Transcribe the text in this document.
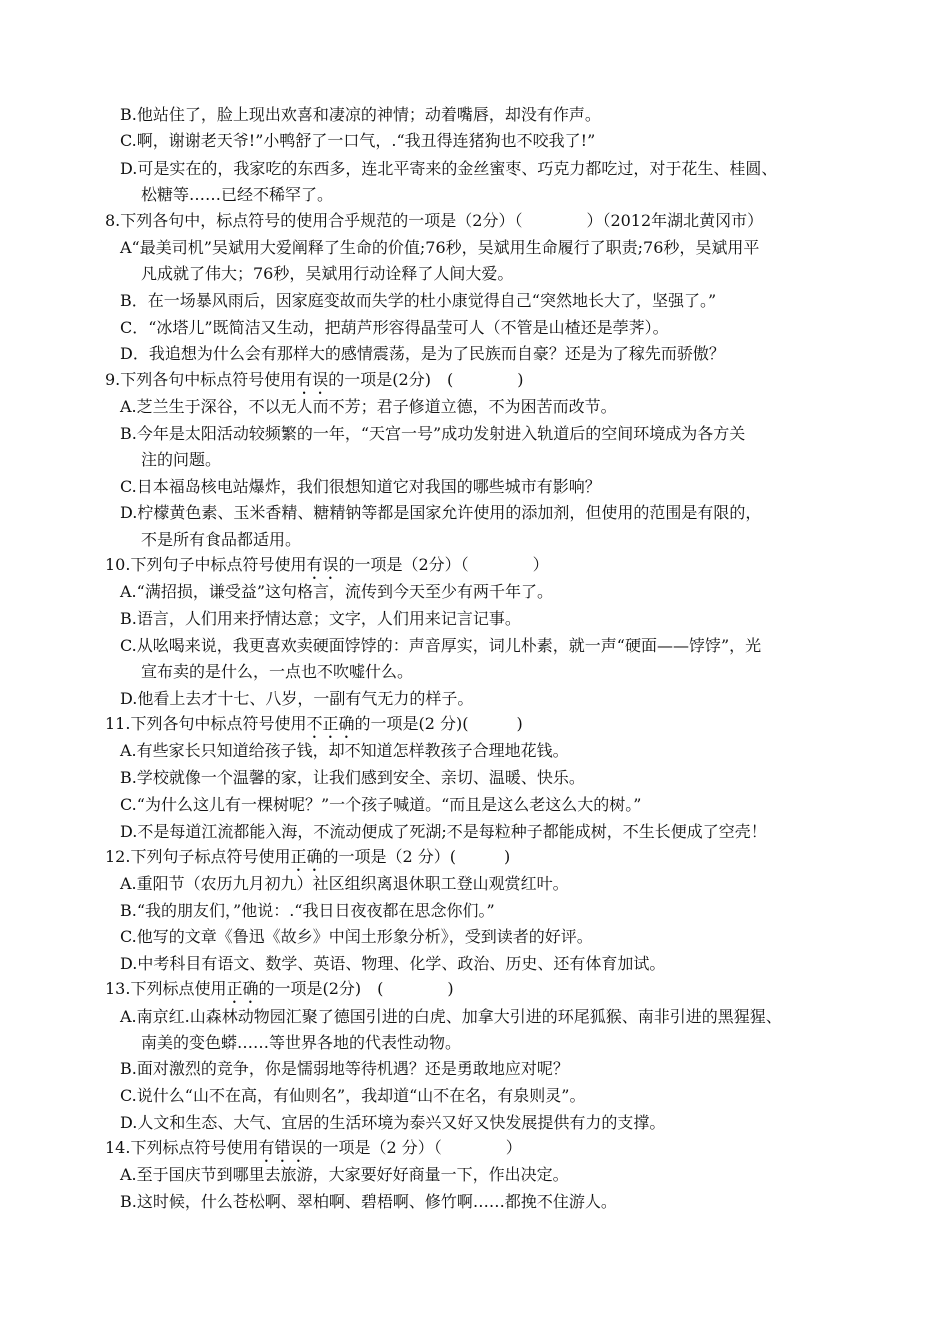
B.他站住了，脸上现出欢喜和凄凉的神情；动着嘴唇，却没有作声。
C.啊，谢谢老天爷!”小鸭舒了一口气，.“我丑得连猪狗也不咬我了!”
D.可是实在的，我家吃的东西多，连北平寄来的金丝蜜枣、巧克力都吃过，对于花生、桂圆、
松糖等……已经不稀罕了。
8.下列各句中，标点符号的使用合乎规范的一项是（2分）（　　　　）（2012年湖北黄冈市）
A“最美司机”吴斌用大爱阐释了生命的价值;76秒，吴斌用生命履行了职责;76秒，吴斌用平
凡成就了伟大；76秒，吴斌用行动诠释了人间大爱。
B．在一场暴风雨后，因家庭变故而失学的杜小康觉得自己“突然地长大了，坚强了。”
C．“冰塔儿”既简洁又生动，把葫芦形容得晶莹可人（不管是山楂还是荸荠）。
D．我追想为什么会有那样大的感情震荡，是为了民族而自豪？还是为了稼先而骄傲？
9.下列各句中标点符号使用有误的一项是(2分)　(　　　　)
A.芝兰生于深谷，不以无人而不芳；君子修道立德，不为困苦而改节。
B.今年是太阳活动较频繁的一年，“天宫一号”成功发射进入轨道后的空间环境成为各方关
注的问题。
C.日本福岛核电站爆炸，我们很想知道它对我国的哪些城市有影响？
D.柠檬黄色素、玉米香精、糖精钠等都是国家允许使用的添加剂，但使用的范围是有限的，
不是所有食品都适用。
10.下列句子中标点符号使用有误的一项是（2分）（　　　　）
A.“满招损，谦受益”这句格言，流传到今天至少有两千年了。
B.语言，人们用来抒情达意；文字，人们用来记言记事。
C.从吆喝来说，我更喜欢卖硬面饽饽的：声音厚实，词儿朴素，就一声“硬面——饽饽”，光
宣布卖的是什么，一点也不吹嘘什么。
D.他看上去才十七、八岁，一副有气无力的样子。
11.下列各句中标点符号使用不正确的一项是(2 分)(　　　)
A.有些家长只知道给孩子钱，却不知道怎样教孩子合理地花钱。
B.学校就像一个温馨的家，让我们感到安全、亲切、温暖、快乐。
C.“为什么这儿有一棵树呢？”一个孩子喊道。“而且是这么老这么大的树。”
D.不是每道江流都能入海，不流动便成了死湖;不是每粒种子都能成树，不生长便成了空壳！
12.下列句子标点符号使用正确的一项是（2 分）(　　　)
A.重阳节（农历九月初九）社区组织离退休职工登山观赏红叶。
B.“我的朋友们，”他说：.“我日日夜夜都在思念你们。”
C.他写的文章《鲁迅《故乡》中闰土形象分析》，受到读者的好评。
D.中考科目有语文、数学、英语、物理、化学、政治、历史、还有体育加试。
13.下列标点使用正确的一项是(2分)　(　　　　)
A.南京红.山森林动物园汇聚了德国引进的白虎、加拿大引进的环尾狐猴、南非引进的黑猩猩、
南美的变色蟒……等世界各地的代表性动物。
B.面对激烈的竞争，你是懦弱地等待机遇？还是勇敢地应对呢？
C.说什么“山不在高，有仙则名”，我却道“山不在名，有泉则灵”。
D.人文和生态、大气、宜居的生活环境为泰兴又好又快发展提供有力的支撑。
14.下列标点符号使用有错误的一项是（2 分）（　　　　）
A.至于国庆节到哪里去旅游，大家要好好商量一下，作出决定。
B.这时候，什么苍松啊、翠柏啊、碧梧啊、修竹啊……都挽不住游人。
